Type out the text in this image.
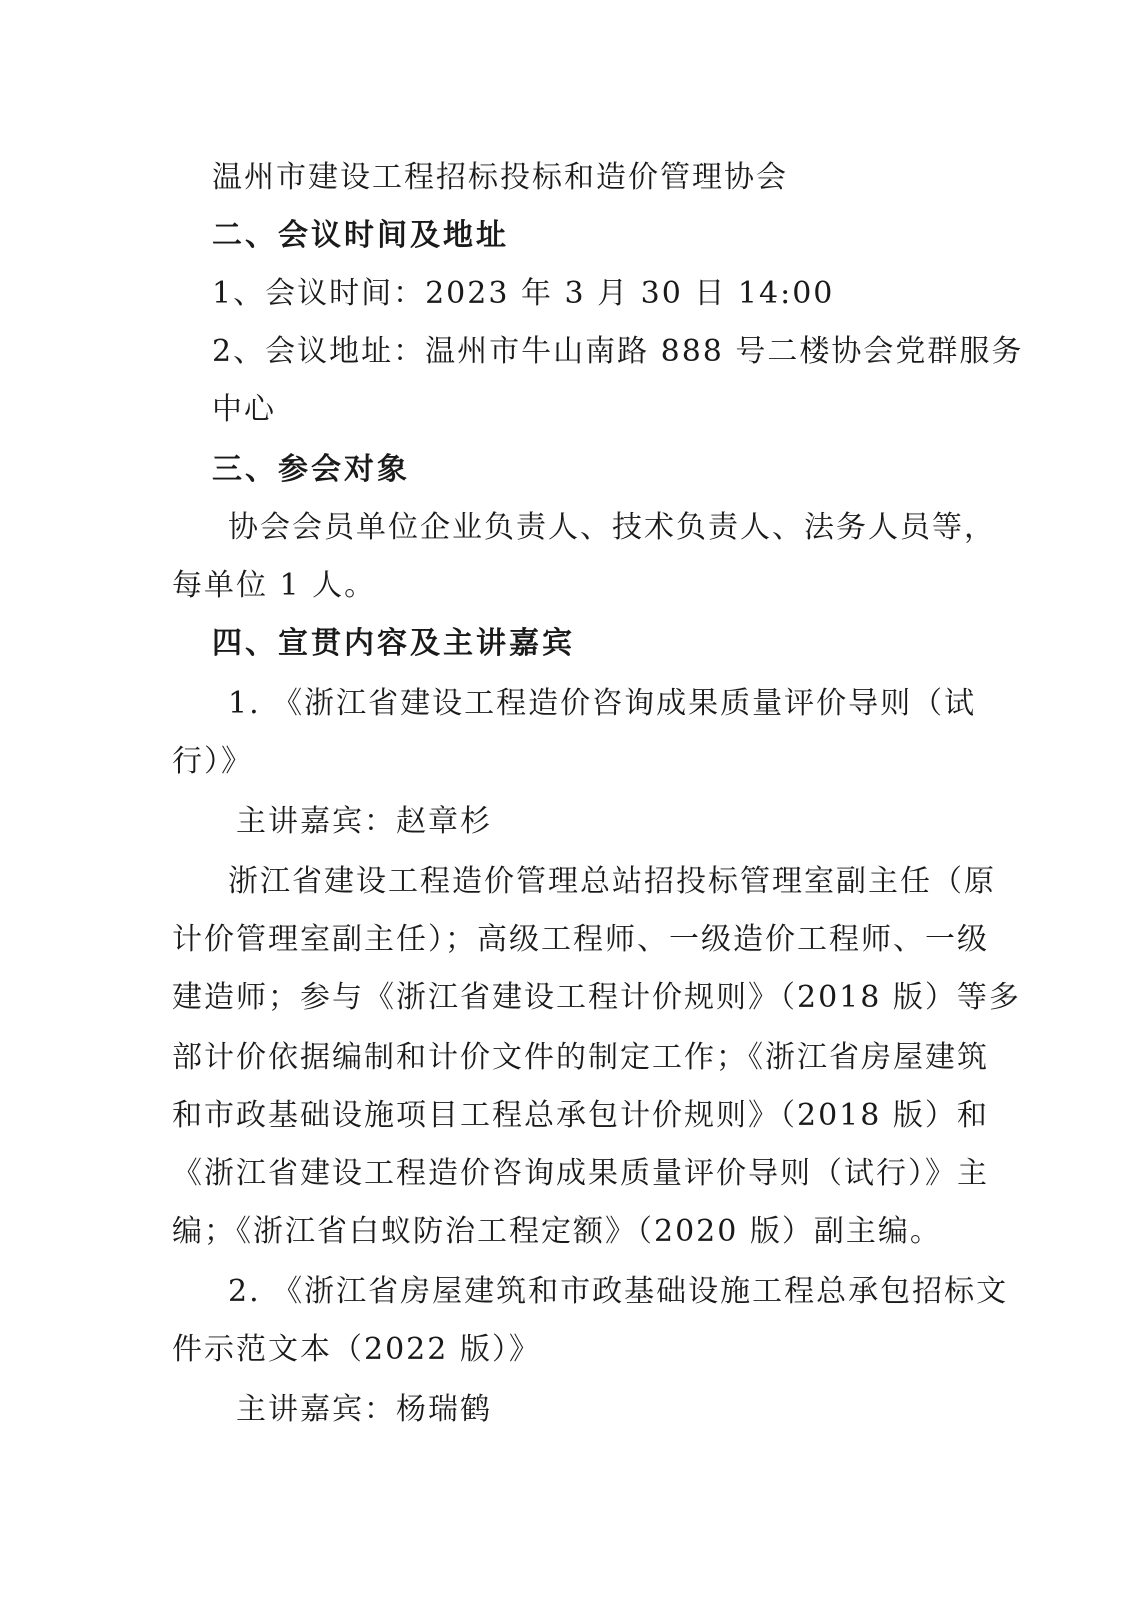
温州市建设工程招标投标和造价管理协会
二、会议时间及地址
1、会议时间：2023 年 3 月 30 日 14:00
2、会议地址：温州市牛山南路 888 号二楼协会党群服务
中心
三、参会对象
协会会员单位企业负责人、技术负责人、法务人员等，
每单位 1 人。
四、宣贯内容及主讲嘉宾
1. 《浙江省建设工程造价咨询成果质量评价导则（试
行）》
主讲嘉宾：赵章杉
浙江省建设工程造价管理总站招投标管理室副主任（原
计价管理室副主任）；高级工程师、一级造价工程师、一级
建造师；参与《浙江省建设工程计价规则》（2018 版）等多
部计价依据编制和计价文件的制定工作；《浙江省房屋建筑
和市政基础设施项目工程总承包计价规则》（2018 版）和
《浙江省建设工程造价咨询成果质量评价导则（试行）》主
编；《浙江省白蚁防治工程定额》（2020 版）副主编。
2. 《浙江省房屋建筑和市政基础设施工程总承包招标文
件示范文本（2022 版）》
主讲嘉宾：杨瑞鹤
